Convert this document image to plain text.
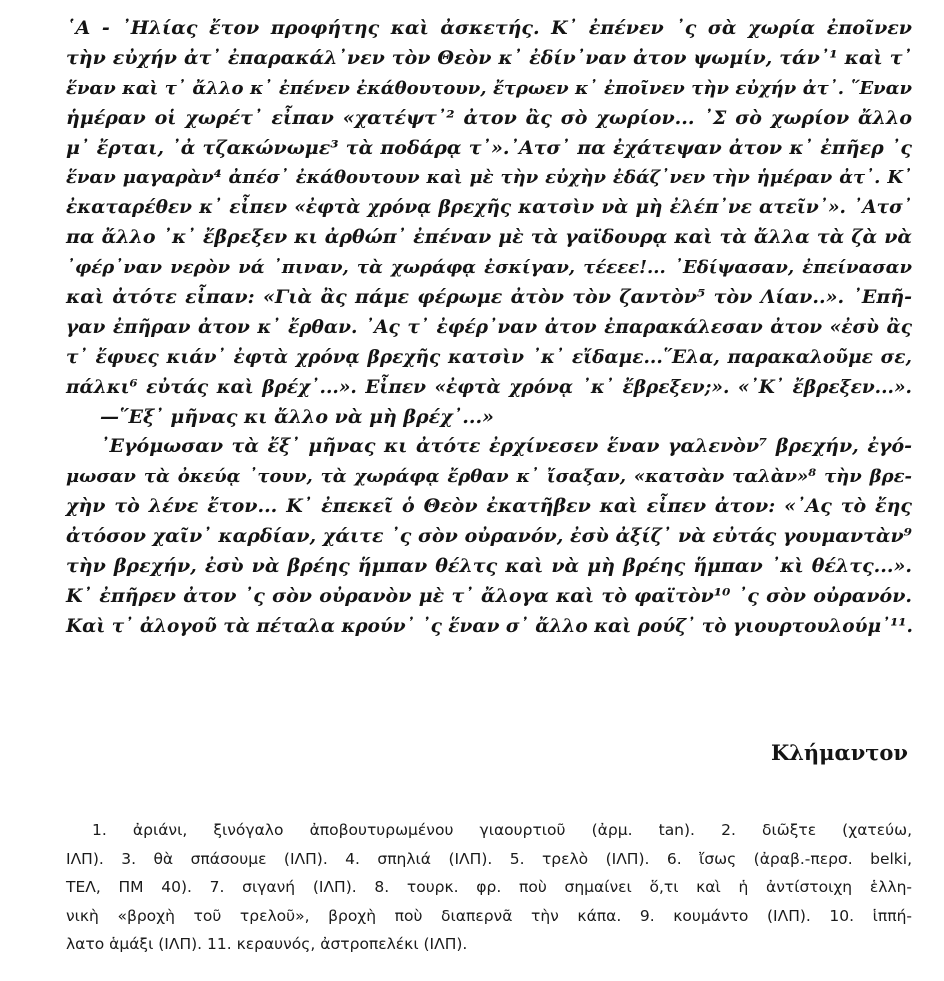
῾Α - ᾿Ηλίας ἔτον προφήτης καὶ ἀσκετής. Κ᾿ ἐπένεν ᾿ς σὰ χωρία ἐποῖνεν
τὴν εὐχήν ἀτ᾿ ἐπαρακάλ᾿νεν τὸν Θεὸν κ᾿ ἐδίν᾿ναν ἀτον ψωμίν, τάν᾿¹ καὶ τ᾿
ἕναν καὶ τ᾿ ἄλλο κ᾿ ἐπένεν ἐκάθουτουν, ἔτρωεν κ᾿ ἐποῖνεν τὴν εὐχήν ἀτ᾿. ῞Εναν
ἡμέραν οἱ χωρέτ᾿ εἶπαν «χατέψτ᾿² ἀτον ἂς σὸ χωρίον... ᾿Σ σὸ χωρίον ἄλλο
μ᾿ ἔρται, ᾿ἀ τζακώνωμε³ τὰ ποδάρᾳ τ᾿».᾿Ατσ᾿ πα ἐχάτεψαν ἀτον κ᾿ ἐπῆερ ᾿ς
ἕναν μαγαρὰν⁴ ἀπέσ᾿ ἐκάθουτουν καὶ μὲ τὴν εὐχὴν ἐδάζ᾿νεν τὴν ἡμέραν ἀτ᾿. Κ᾿
ἐκαταρέθεν κ᾿ εἶπεν «ἐφτὰ χρόνᾳ βρεχῆς κατσὶν νὰ μὴ ἐλέπ᾿νε ατεῖν᾿». ᾿Ατσ᾿
πα ἄλλο ᾿κ᾿ ἔβρεξεν κι ἀρθώπ᾿ ἐπέναν μὲ τὰ γαϊδουρᾳ καὶ τὰ ἄλλα τὰ ζὰ νὰ
᾿φέρ᾿ναν νερὸν νά ᾿πιναν, τὰ χωράφᾳ ἐσκίγαν, τέεεε!... ᾿Εδίψασαν, ἐπείνασαν
καὶ ἀτότε εἶπαν: «Γιὰ ἂς πάμε φέρωμε ἀτὸν τὸν ζαντὸν⁵ τὸν Λίαν..». ᾿Επῆ-
γαν ἐπῆραν ἀτον κ᾿ ἔρθαν. ᾿Ας τ᾿ ἐφέρ᾿ναν ἀτον ἐπαρακάλεσαν ἀτον «ἐσὺ ἂς
τ᾿ ἔφυες κιάν᾿ ἐφτὰ χρόνᾳ βρεχῆς κατσὶν ᾿κ᾿ εἴδαμε...῞Ελα, παρακαλοῦμε σε,
πάλκι⁶ εὐτάς καὶ βρέχ᾿...». Εἶπεν «ἐφτὰ χρόνᾳ ᾿κ᾿ ἔβρεξεν;». «᾿Κ᾿ ἔβρεξεν...».
—῞Εξ᾿ μῆνας κι ἄλλο νὰ μὴ βρέχ᾿...»
᾿Εγόμωσαν τὰ ἔξ᾿ μῆνας κι ἀτότε ἐρχίνεσεν ἕναν γαλενὸν⁷ βρεχήν, ἐγό-
μωσαν τὰ ὀκεύᾳ ᾿τουν, τὰ χωράφᾳ ἔρθαν κ᾿ ἴσαξαν, «κατσὰν ταλὰν»⁸ τὴν βρε-
χὴν τὸ λένε ἔτον... Κ᾿ ἐπεκεῖ ὁ Θεὸν ἐκατῆβεν καὶ εἶπεν ἀτον: «᾿Ας τὸ ἔης
ἀτόσον χαῖν᾿ καρδίαν, χάιτε ᾿ς σὸν οὐρανόν, ἐσὺ ἀξίζ᾿ νὰ εὐτάς γουμαντὰν⁹
τὴν βρεχήν, ἐσὺ νὰ βρέης ἥμπαν θέλτς καὶ νὰ μὴ βρέης ἥμπαν ᾿κὶ θέλτς...».
Κ᾿ ἐπῆρεν ἀτον ᾿ς σὸν οὐρανὸν μὲ τ᾿ ἄλογα καὶ τὸ φαϊτὸν¹⁰ ᾿ς σὸν οὐρανόν.
Καὶ τ᾿ ἀλογοῦ τὰ πέταλα κρούν᾿ ᾿ς ἕναν σ᾿ ἄλλο καὶ ρούζ᾿ τὸ γιουρτουλούμ᾿¹¹.
Κλήμαντον
1. ἀριάνι, ξινόγαλο ἀποβουτυρωμένου γιαουρτιοῦ (ἀρμ. tan). 2. διῶξτε (χατεύω,
ΙΛΠ). 3. θὰ σπάσουμε (ΙΛΠ). 4. σπηλιά (ΙΛΠ). 5. τρελὸ (ΙΛΠ). 6. ἴσως (ἀραβ.-περσ. belki,
ΤΕΛ, ΠΜ 40). 7. σιγανή (ΙΛΠ). 8. τουρκ. φρ. ποὺ σημαίνει ὅ,τι καὶ ἡ ἀντίστοιχη ἑλλη-
νικὴ «βροχὴ τοῦ τρελοῦ», βροχὴ ποὺ διαπερνᾶ τὴν κάπα. 9. κουμάντο (ΙΛΠ). 10. ἱππή-
λατο ἁμάξι (ΙΛΠ). 11. κεραυνός, ἀστροπελέκι (ΙΛΠ).
